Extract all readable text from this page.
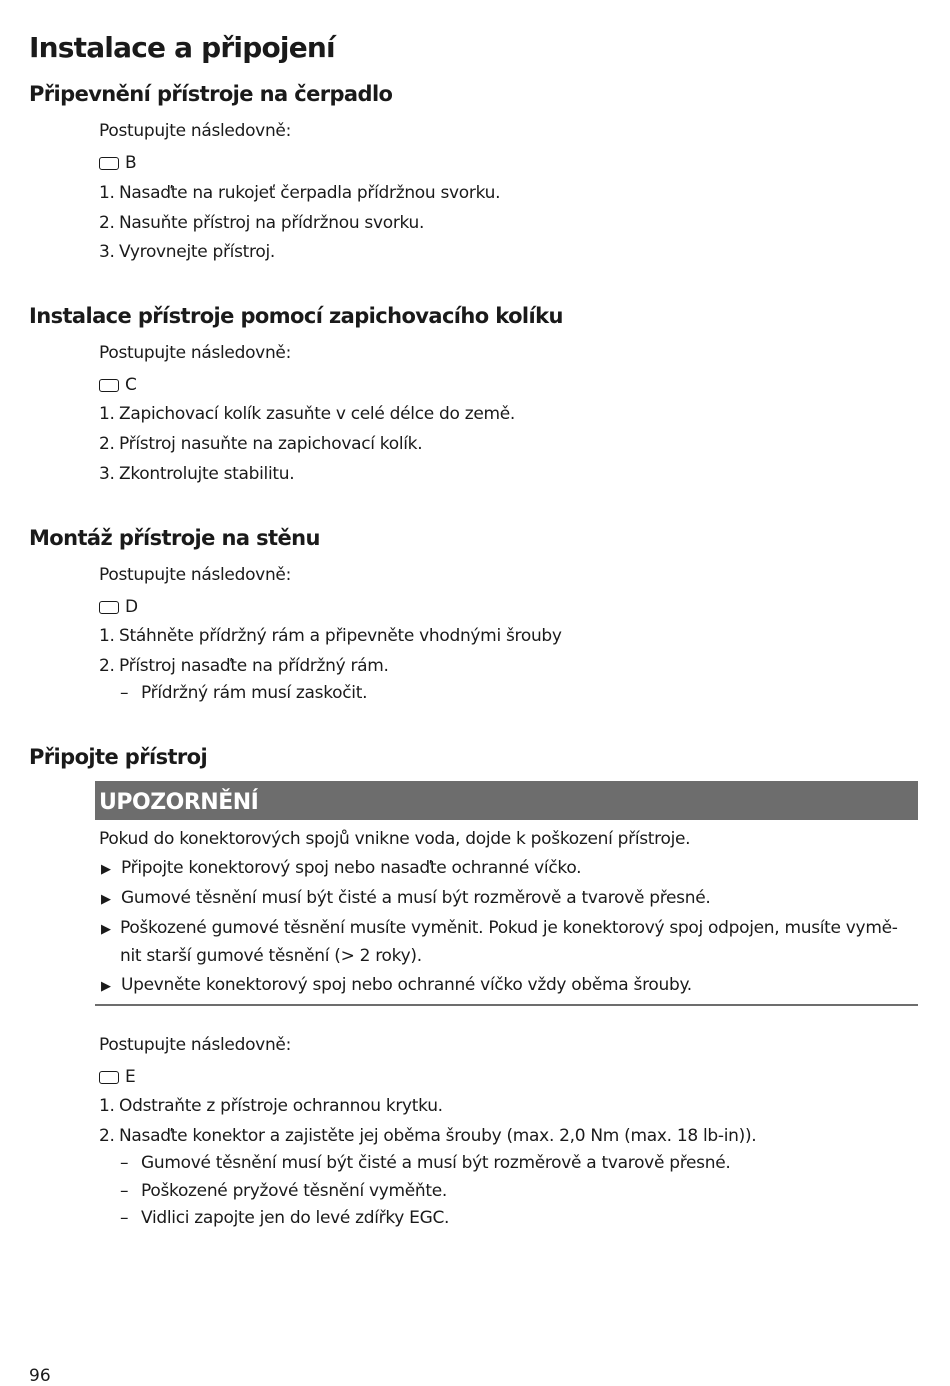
Instalace a připojení
Připevnění přístroje na čerpadlo
Postupujte následovně:
B
1. Nasaďte na rukojeť čerpadla přídržnou svorku.
2. Nasuňte přístroj na přídržnou svorku.
3. Vyrovnejte přístroj.
Instalace přístroje pomocí zapichovacího kolíku
Postupujte následovně:
C
1. Zapichovací kolík zasuňte v celé délce do země.
2. Přístroj nasuňte na zapichovací kolík.
3. Zkontrolujte stabilitu.
Montáž přístroje na stěnu
Postupujte následovně:
D
1. Stáhněte přídržný rám a připevněte vhodnými šrouby
2. Přístroj nasaďte na přídržný rám.
– Přídržný rám musí zaskočit.
Připojte přístroj
UPOZORNĚNÍ
Pokud do konektorových spojů vnikne voda, dojde k poškození přístroje.
▶ Připojte konektorový spoj nebo nasaďte ochranné víčko.
▶ Gumové těsnění musí být čisté a musí být rozměrově a tvarově přesné.
▶ Poškozené gumové těsnění musíte vyměnit. Pokud je konektorový spoj odpojen, musíte vymě-nit starší gumové těsnění (> 2 roky).
▶ Upevněte konektorový spoj nebo ochranné víčko vždy oběma šrouby.
Postupujte následovně:
E
1. Odstraňte z přístroje ochrannou krytku.
2. Nasaďte konektor a zajistěte jej oběma šrouby (max. 2,0 Nm (max. 18 lb-in)).
– Gumové těsnění musí být čisté a musí být rozměrově a tvarově přesné.
– Poškozené pryžové těsnění vyměňte.
– Vidlici zapojte jen do levé zdířky EGC.
96
